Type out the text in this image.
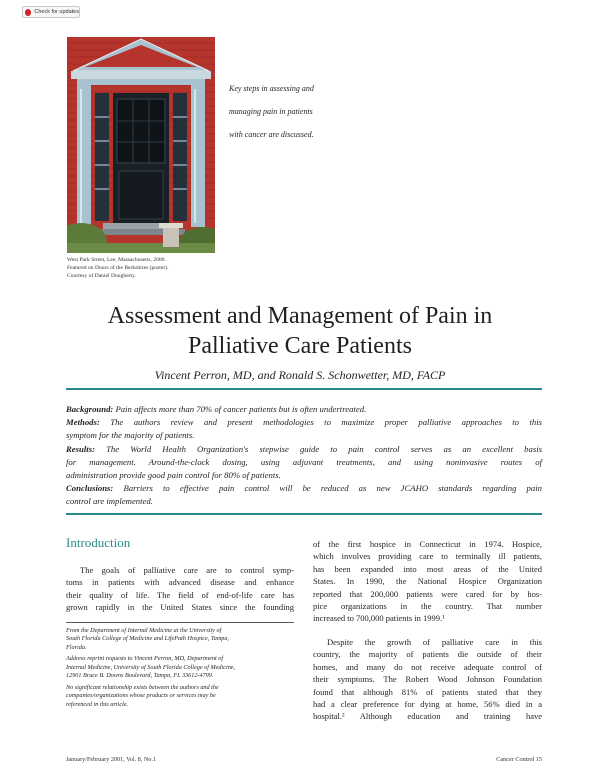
Check for updates
West Park Street, Lee, Massachusetts, 2000.
Featured on Doors of the Berkshires (poster).
Courtesy of Daniel Dougherty.
Key steps in assessing and
managing pain in patients
with cancer are discussed.
Assessment and Management of Pain in
Palliative Care Patients
Vincent Perron, MD, and Ronald S. Schonwetter, MD, FACP
Background: Pain affects more than 70% of cancer patients but is often undertreated.
Methods: The authors review and present methodologies to maximize proper palliative approaches to this
symptom for the majority of patients.
Results: The World Health Organization's stepwise guide to pain control serves as an excellent basis
for management. Around-the-clock dosing, using adjuvant treatments, and using noninvasive routes of
administration provide good pain control for 80% of patients.
Conclusions: Barriers to effective pain control will be reduced as new JCAHO standards regarding pain
control are implemented.
Introduction
The goals of palliative care are to control symp-
toms in patients with advanced disease and enhance
their quality of life. The field of end-of-life care has
grown rapidly in the United States since the founding
From the Department of Internal Medicine at the University of
South Florida College of Medicine and LifePath Hospice, Tampa,
Florida.
Address reprint requests to Vincent Perron, MD, Department of
Internal Medicine, University of South Florida College of Medicine,
12901 Bruce B. Downs Boulevard, Tampa, FL 33612-4799.
No significant relationship exists between the authors and the
companies/organizations whose products or services may be
referenced in this article.
of the first hospice in Connecticut in 1974. Hospice,
which involves providing care to terminally ill patients,
has been expanded into most areas of the United
States. In 1990, the National Hospice Organization
reported that 200,000 patients were cared for by hos-
pice organizations in the country. That number
increased to 700,000 patients in 1999.¹
Despite the growth of palliative care in this
country, the majority of patients die outside of their
homes, and many do not receive adequate control of
their symptoms. The Robert Wood Johnson Foundation
found that although 81% of patients stated that they
had a clear preference for dying at home, 56% died in a
hospital.² Although education and training have
January/February 2001, Vol. 8, No.1	Cancer Control 15
